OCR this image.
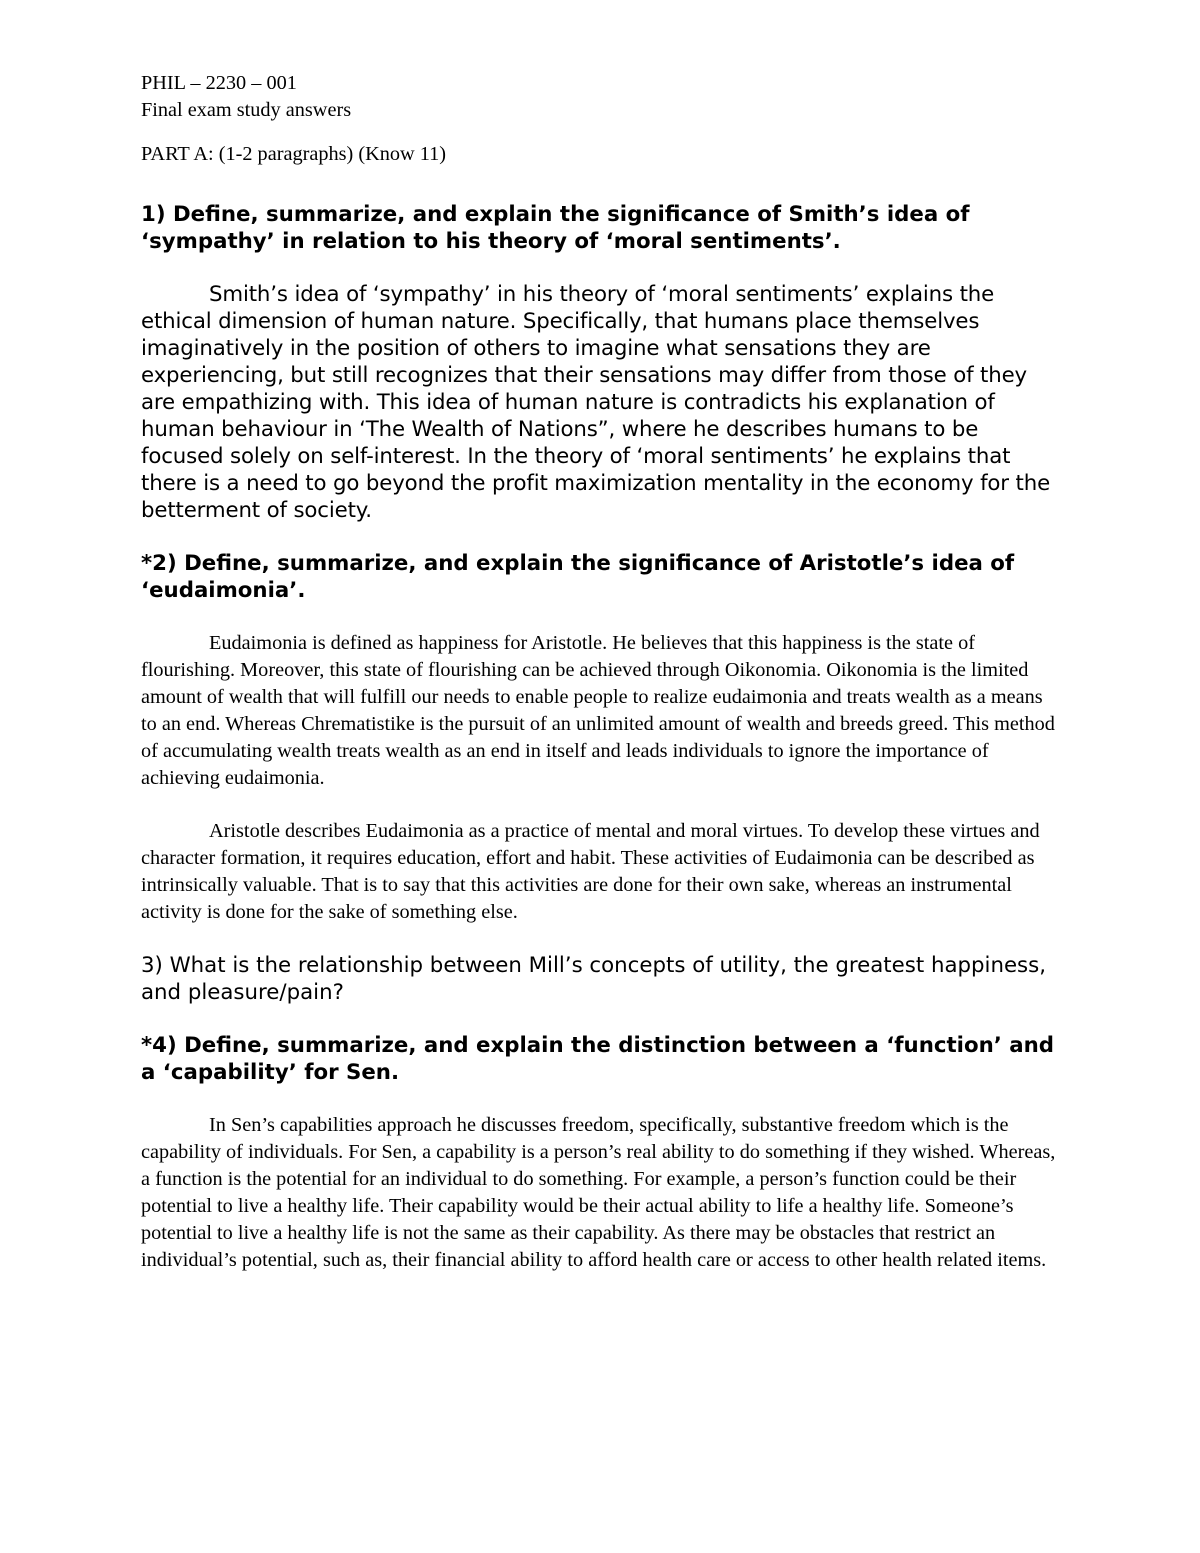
PHIL – 2230 – 001

Final exam study answers

PART A: (1-2 paragraphs) (Know 11)

1) Define, summarize, and explain the significance of Smith’s idea of ‘sympathy’ in relation to his theory of ‘moral sentiments’.

Smith’s idea of ‘sympathy’ in his theory of ‘moral sentiments’ explains the ethical dimension of human nature. Specifically, that humans place themselves imaginatively in the position of others to imagine what sensations they are experiencing, but still recognizes that their sensations may differ from those of they are empathizing with. This idea of human nature is contradicts his explanation of human behaviour in ‘The Wealth of Nations”, where he describes humans to be focused solely on self-interest. In the theory of ‘moral sentiments’ he explains that there is a need to go beyond the profit maximization mentality in the economy for the betterment of society.

*2) Define, summarize, and explain the significance of Aristotle’s idea of ‘eudaimonia’.

Eudaimonia is defined as happiness for Aristotle. He believes that this happiness is the state of flourishing. Moreover, this state of flourishing can be achieved through Oikonomia. Oikonomia is the limited amount of wealth that will fulfill our needs to enable people to realize eudaimonia and treats wealth as a means to an end. Whereas Chrematistike is the pursuit of an unlimited amount of wealth and breeds greed. This method of accumulating wealth treats wealth as an end in itself and leads individuals to ignore the importance of achieving eudaimonia.

Aristotle describes Eudaimonia as a practice of mental and moral virtues. To develop these virtues and character formation, it requires education, effort and habit. These activities of Eudaimonia can be described as intrinsically valuable. That is to say that this activities are done for their own sake, whereas an instrumental activity is done for the sake of something else.

3) What is the relationship between Mill’s concepts of utility, the greatest happiness, and pleasure/pain?

*4) Define, summarize, and explain the distinction between a ‘function’ and a ‘capability’ for Sen.

In Sen’s capabilities approach he discusses freedom, specifically, substantive freedom which is the capability of individuals. For Sen, a capability is a person’s real ability to do something if they wished. Whereas, a function is the potential for an individual to do something. For example, a person’s function could be their potential to live a healthy life. Their capability would be their actual ability to life a healthy life. Someone’s potential to live a healthy life is not the same as their capability. As there may be obstacles that restrict an individual’s potential, such as, their financial ability to afford health care or access to other health related items.
